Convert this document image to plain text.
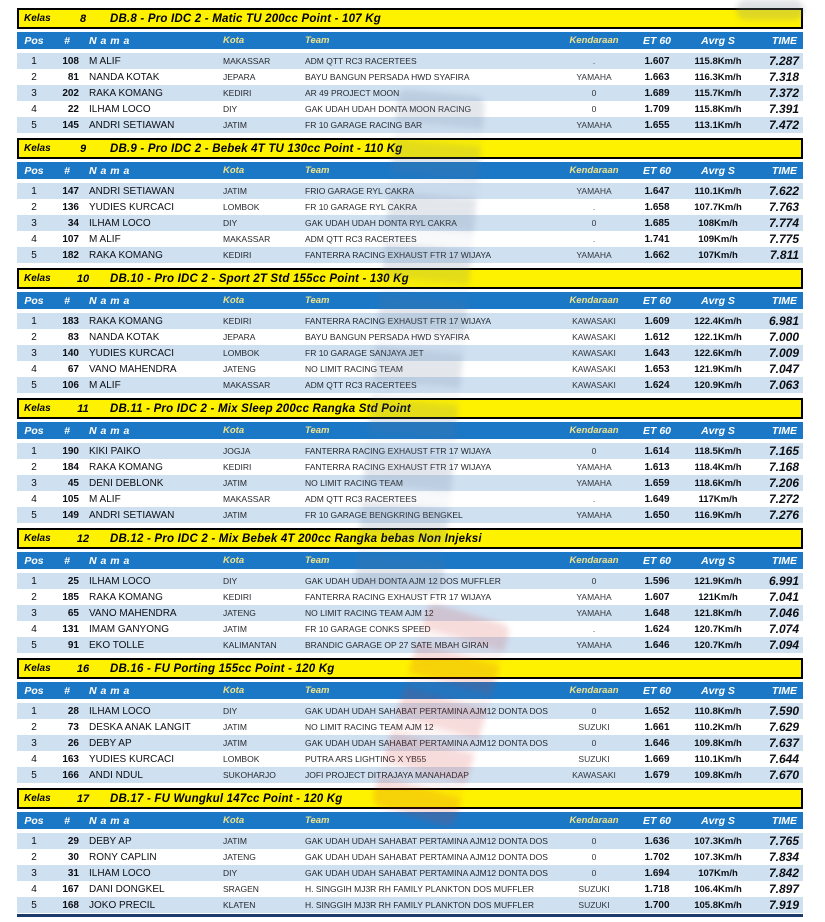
Kelas	8	DB.8 - Pro IDC 2 - Matic TU 200cc Point - 107 Kg
Pos	#	N a m a	Kota	Team	Kendaraan	ET 60	Avrg S	TIME
1	108	M ALIF	MAKASSAR	ADM QTT RC3 RACERTEES	.	1.607	115.8Km/h	7.287
2	81	NANDA KOTAK	JEPARA	BAYU BANGUN PERSADA HWD SYAFIRA	YAMAHA	1.663	116.3Km/h	7.318
3	202	RAKA KOMANG	KEDIRI	AR 49 PROJECT MOON	0	1.689	115.7Km/h	7.372
4	22	ILHAM LOCO	DIY	GAK UDAH UDAH DONTA MOON RACING	0	1.709	115.8Km/h	7.391
5	145	ANDRI SETIAWAN	JATIM	FR 10 GARAGE RACING BAR	YAMAHA	1.655	113.1Km/h	7.472
Kelas	9	DB.9 - Pro IDC 2 - Bebek 4T TU 130cc Point - 110 Kg
Pos	#	N a m a	Kota	Team	Kendaraan	ET 60	Avrg S	TIME
1	147	ANDRI SETIAWAN	JATIM	FRIO GARAGE RYL CAKRA	YAMAHA	1.647	110.1Km/h	7.622
2	136	YUDIES KURCACI	LOMBOK	FR 10 GARAGE RYL CAKRA	.	1.658	107.7Km/h	7.763
3	34	ILHAM LOCO	DIY	GAK UDAH UDAH DONTA RYL CAKRA	0	1.685	108Km/h	7.774
4	107	M ALIF	MAKASSAR	ADM QTT RC3 RACERTEES	.	1.741	109Km/h	7.775
5	182	RAKA KOMANG	KEDIRI	FANTERRA RACING EXHAUST FTR 17 WIJAYA	YAMAHA	1.662	107Km/h	7.811
Kelas	10	DB.10 - Pro IDC 2 - Sport 2T Std 155cc Point - 130 Kg
Pos	#	N a m a	Kota	Team	Kendaraan	ET 60	Avrg S	TIME
1	183	RAKA KOMANG	KEDIRI	FANTERRA RACING EXHAUST FTR 17 WIJAYA	KAWASAKI	1.609	122.4Km/h	6.981
2	83	NANDA KOTAK	JEPARA	BAYU BANGUN PERSADA HWD SYAFIRA	KAWASAKI	1.612	122.1Km/h	7.000
3	140	YUDIES KURCACI	LOMBOK	FR 10 GARAGE SANJAYA JET	KAWASAKI	1.643	122.6Km/h	7.009
4	67	VANO MAHENDRA	JATENG	NO LIMIT RACING TEAM	KAWASAKI	1.653	121.9Km/h	7.047
5	106	M ALIF	MAKASSAR	ADM QTT RC3 RACERTEES	KAWASAKI	1.624	120.9Km/h	7.063
Kelas	11	DB.11 - Pro IDC 2 - Mix Sleep 200cc Rangka Std Point
Pos	#	N a m a	Kota	Team	Kendaraan	ET 60	Avrg S	TIME
1	190	KIKI PAIKO	JOGJA	FANTERRA RACING EXHAUST FTR 17 WIJAYA	0	1.614	118.5Km/h	7.165
2	184	RAKA KOMANG	KEDIRI	FANTERRA RACING EXHAUST FTR 17 WIJAYA	YAMAHA	1.613	118.4Km/h	7.168
3	45	DENI DEBLONK	JATIM	NO LIMIT RACING TEAM	YAMAHA	1.659	118.6Km/h	7.206
4	105	M ALIF	MAKASSAR	ADM QTT RC3 RACERTEES	.	1.649	117Km/h	7.272
5	149	ANDRI SETIAWAN	JATIM	FR 10 GARAGE BENGKRING BENGKEL	YAMAHA	1.650	116.9Km/h	7.276
Kelas	12	DB.12 - Pro IDC 2 - Mix Bebek 4T 200cc Rangka bebas Non Injeksi
Pos	#	N a m a	Kota	Team	Kendaraan	ET 60	Avrg S	TIME
1	25	ILHAM LOCO	DIY	GAK UDAH UDAH DONTA AJM 12 DOS MUFFLER	0	1.596	121.9Km/h	6.991
2	185	RAKA KOMANG	KEDIRI	FANTERRA RACING EXHAUST FTR 17 WIJAYA	YAMAHA	1.607	121Km/h	7.041
3	65	VANO MAHENDRA	JATENG	NO LIMIT RACING TEAM AJM 12	YAMAHA	1.648	121.8Km/h	7.046
4	131	IMAM GANYONG	JATIM	FR 10 GARAGE CONKS SPEED	.	1.624	120.7Km/h	7.074
5	91	EKO TOLLE	KALIMANTAN	BRANDIC GARAGE OP 27 SATE MBAH GIRAN	YAMAHA	1.646	120.7Km/h	7.094
Kelas	16	DB.16 - FU Porting 155cc Point - 120 Kg
Pos	#	N a m a	Kota	Team	Kendaraan	ET 60	Avrg S	TIME
1	28	ILHAM LOCO	DIY	GAK UDAH UDAH SAHABAT PERTAMINA AJM12 DONTA DOS	0	1.652	110.8Km/h	7.590
2	73	DESKA ANAK LANGIT	JATIM	NO LIMIT RACING TEAM AJM 12	SUZUKI	1.661	110.2Km/h	7.629
3	26	DEBY AP	JATIM	GAK UDAH UDAH SAHABAT PERTAMINA AJM12 DONTA DOS	0	1.646	109.8Km/h	7.637
4	163	YUDIES KURCACI	LOMBOK	PUTRA ARS LIGHTING X YB55	SUZUKI	1.669	110.1Km/h	7.644
5	166	ANDI NDUL	SUKOHARJO	JOFI PROJECT DITRAJAYA MANAHADAP	KAWASAKI	1.679	109.8Km/h	7.670
Kelas	17	DB.17 - FU Wungkul 147cc Point - 120 Kg
Pos	#	N a m a	Kota	Team	Kendaraan	ET 60	Avrg S	TIME
1	29	DEBY AP	JATIM	GAK UDAH UDAH SAHABAT PERTAMINA AJM12 DONTA DOS	0	1.636	107.3Km/h	7.765
2	30	RONY CAPLIN	JATENG	GAK UDAH UDAH SAHABAT PERTAMINA AJM12 DONTA DOS	0	1.702	107.3Km/h	7.834
3	31	ILHAM LOCO	DIY	GAK UDAH UDAH SAHABAT PERTAMINA AJM12 DONTA DOS	0	1.694	107Km/h	7.842
4	167	DANI DONGKEL	SRAGEN	H. SINGGIH MJ3R RH FAMILY PLANKTON DOS MUFFLER	SUZUKI	1.718	106.4Km/h	7.897
5	168	JOKO PRECIL	KLATEN	H. SINGGIH MJ3R RH FAMILY PLANKTON DOS MUFFLER	SUZUKI	1.700	105.8Km/h	7.919
